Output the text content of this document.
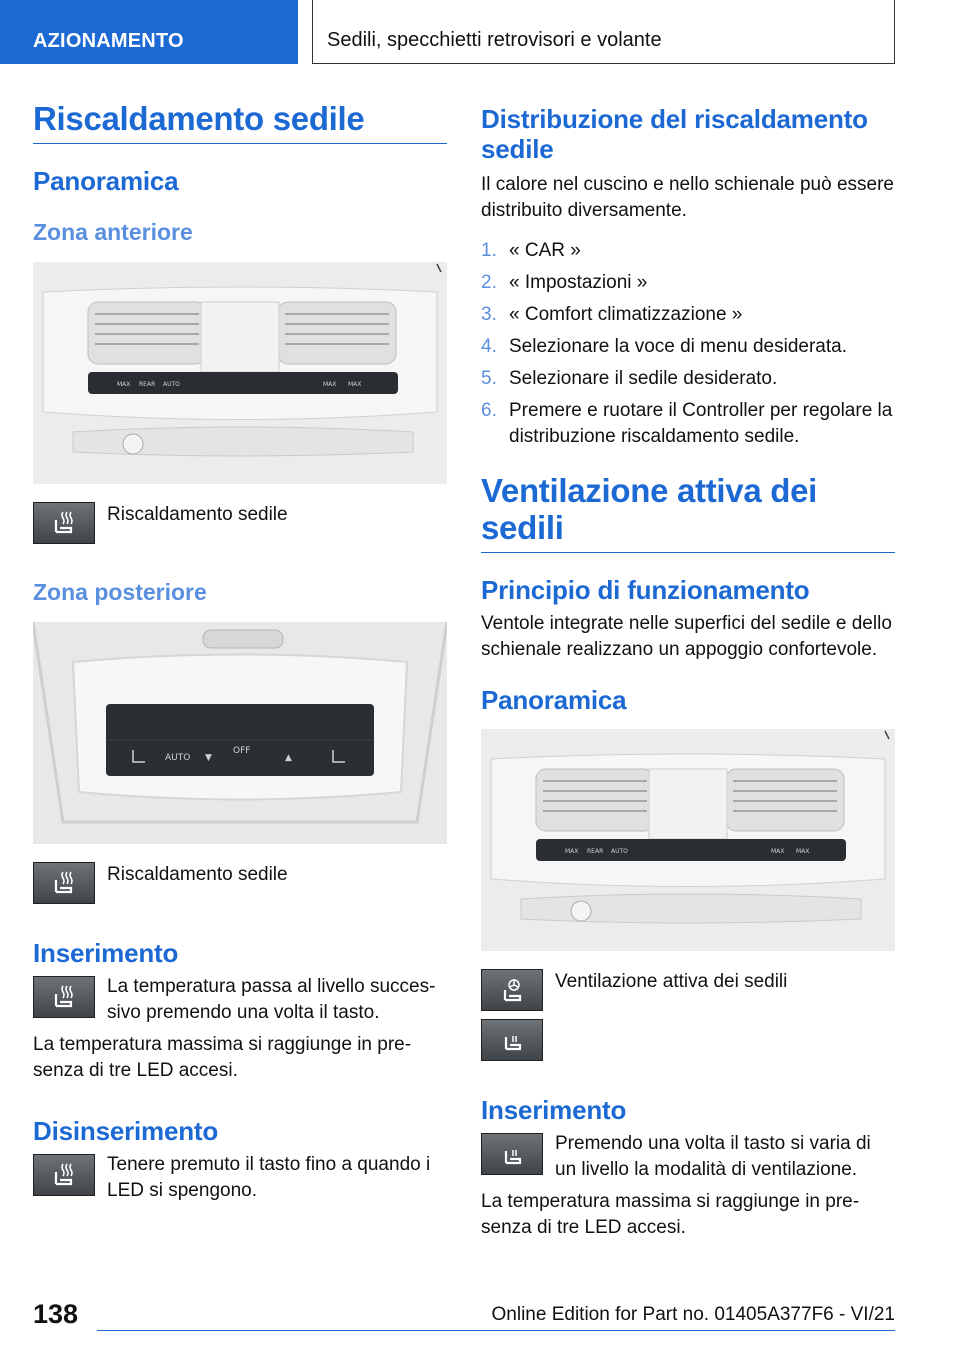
AZIONAMENTO	Sedili, specchietti retrovisori e volante
Riscaldamento sedile
Panoramica
Zona anteriore
MAX REAR AUTO	MAX MAX
Riscaldamento sedile
Zona posteriore
AUTO
OFF
▼	▲
Riscaldamento sedile
Inserimento
La temperatura passa al livello succes-sivo premendo una volta il tasto.
La temperatura massima si raggiunge in pre-senza di tre LED accesi.
Disinserimento
Tenere premuto il tasto fino a quando i LED si spengono.
Distribuzione del riscaldamento sedile
Il calore nel cuscino e nello schienale può essere distribuito diversamente.
1. « CAR »
2. « Impostazioni »
3. « Comfort climatizzazione »
4. Selezionare la voce di menu desiderata.
5. Selezionare il sedile desiderato.
6. Premere e ruotare il Controller per regolare la distribuzione riscaldamento sedile.
Ventilazione attiva dei sedili
Principio di funzionamento
Ventole integrate nelle superfici del sedile e dello schienale realizzano un appoggio confortevole.
Panoramica
MAX REAR AUTO	MAX MAX
Ventilazione attiva dei sedili
Inserimento
Premendo una volta il tasto si varia di un livello la modalità di ventilazione.
La temperatura massima si raggiunge in pre-senza di tre LED accesi.
138	Online Edition for Part no. 01405A377F6 - VI/21
